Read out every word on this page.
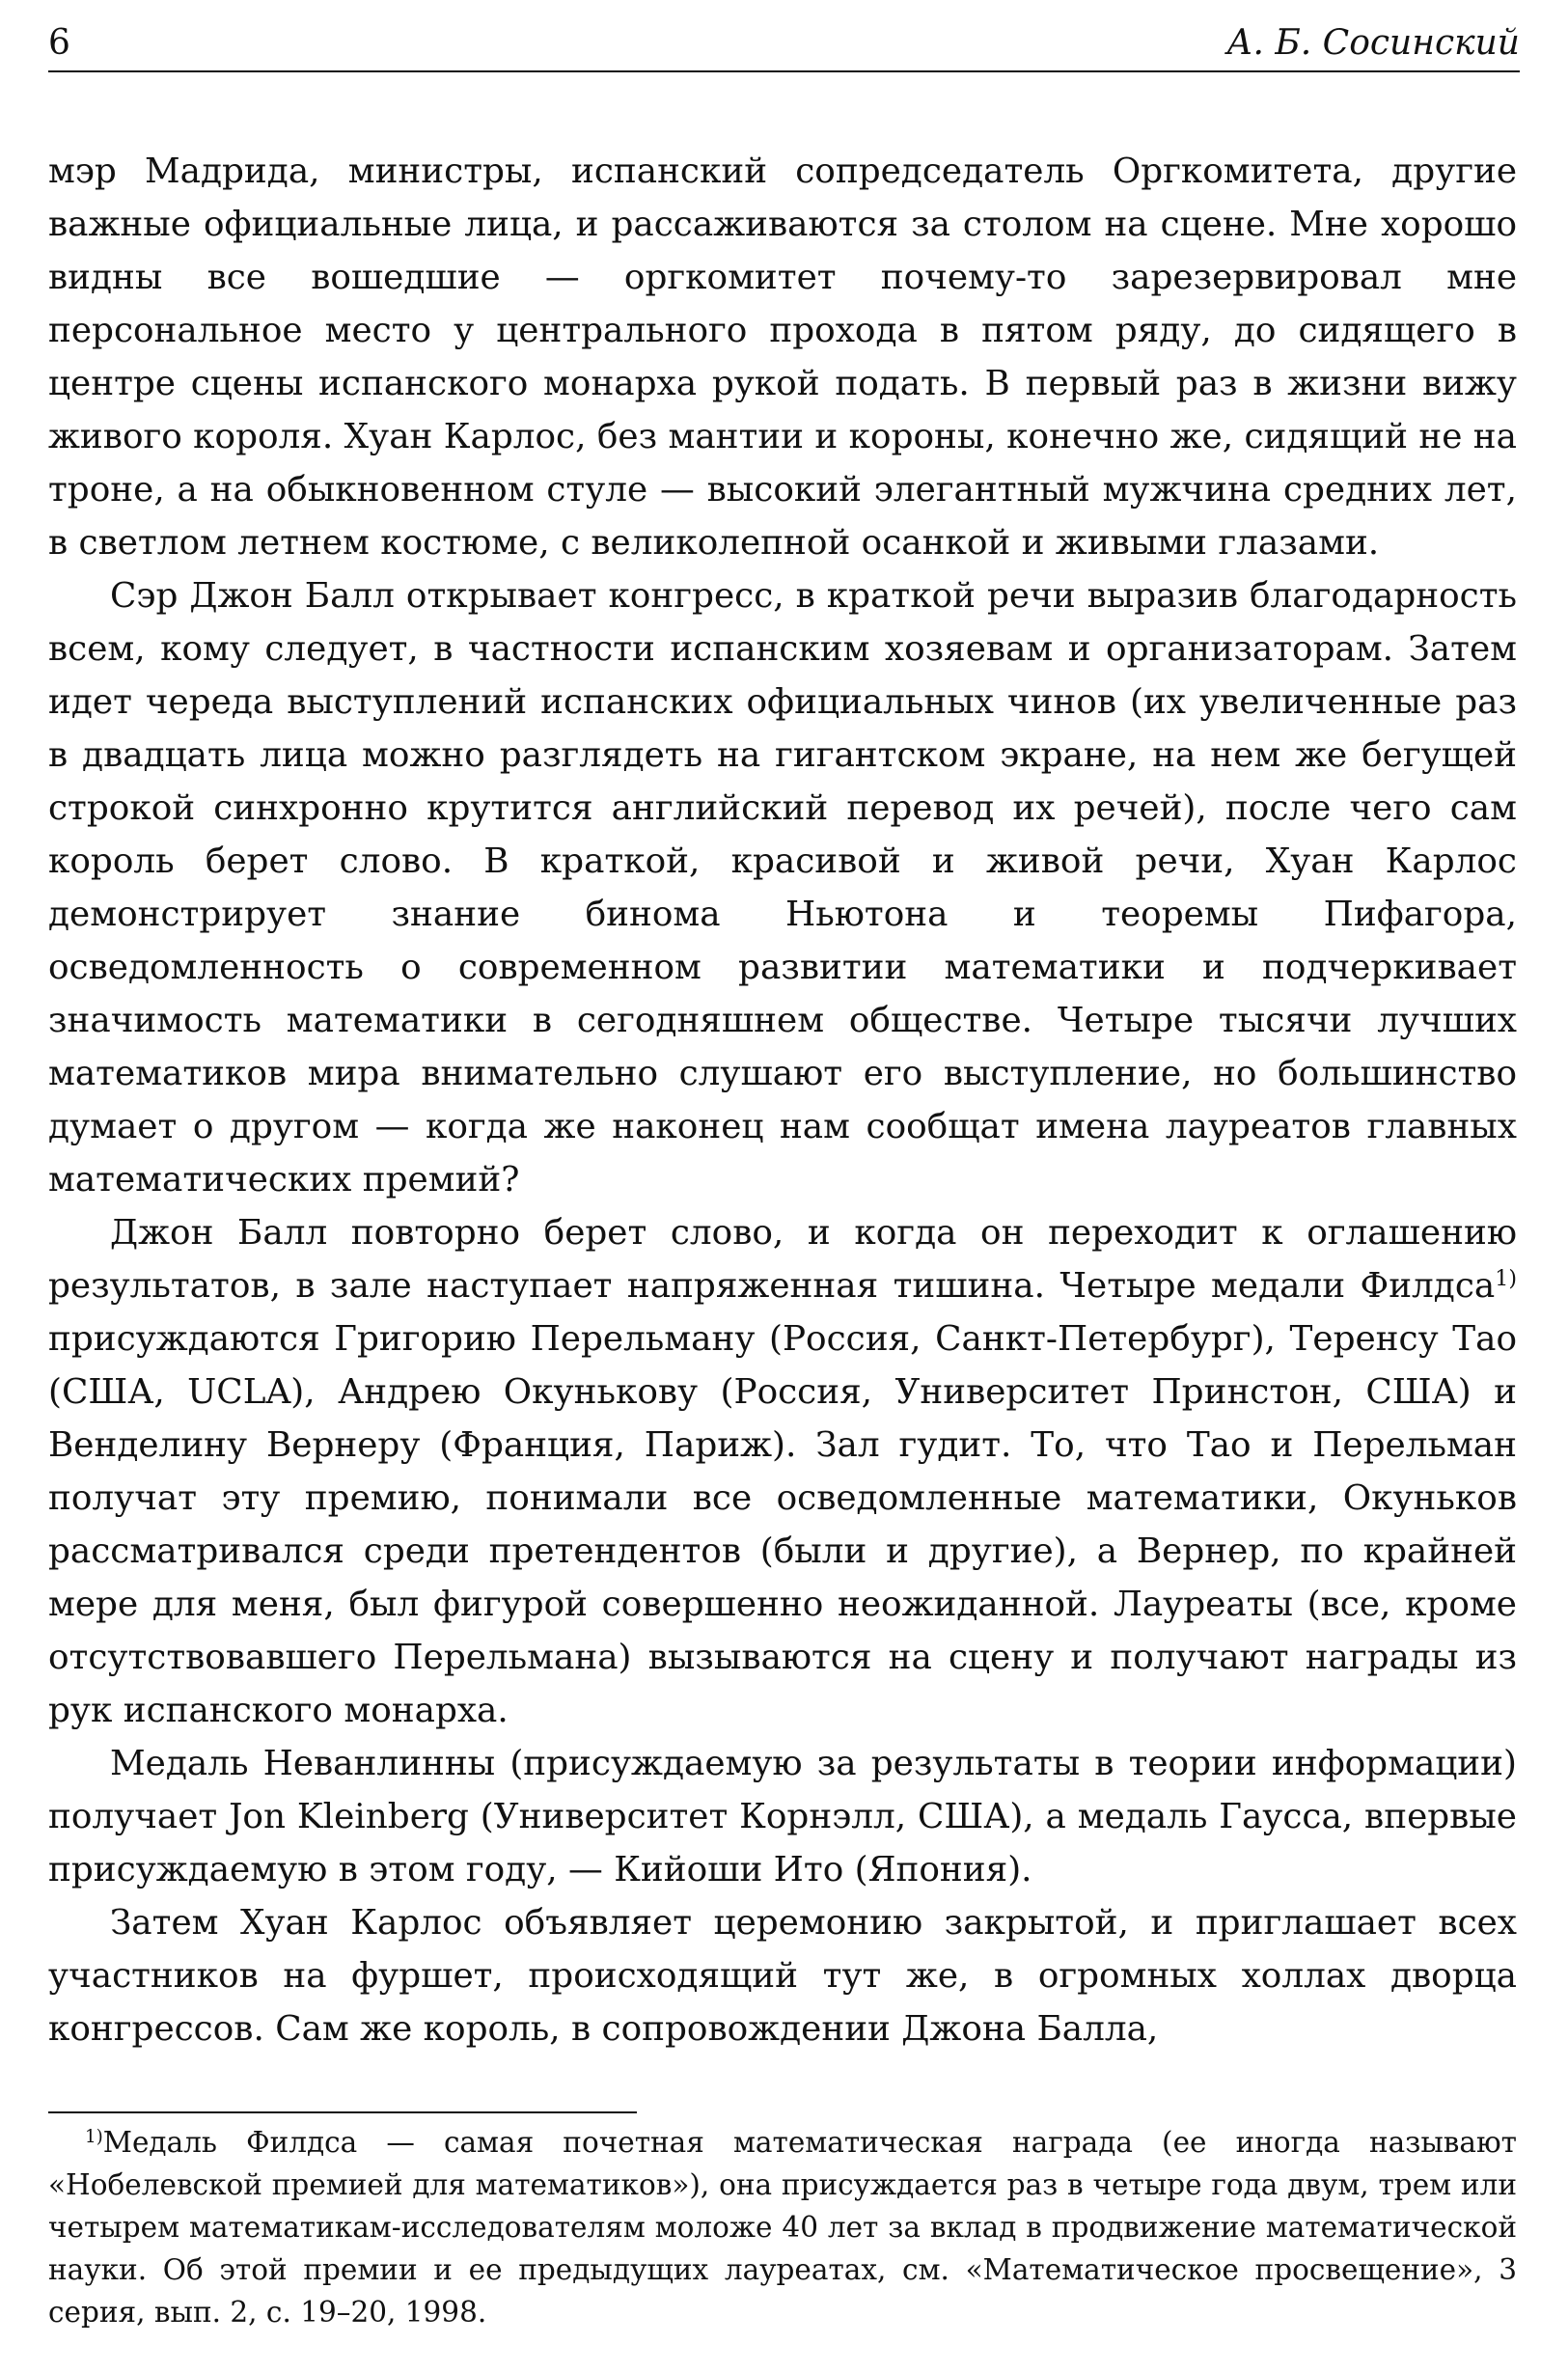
6	А. Б. Сосинский

мэр Мадрида, министры, испанский сопредседатель Оргкомитета, другие важные официальные лица, и рассаживаются за столом на сцене. Мне хорошо видны все вошедшие — оргкомитет почему-то зарезервировал мне персональное место у центрального прохода в пятом ряду, до сидящего в центре сцены испанского монарха рукой подать. В первый раз в жизни вижу живого короля. Хуан Карлос, без мантии и короны, конечно же, сидящий не на троне, а на обыкновенном стуле — высокий элегантный мужчина средних лет, в светлом летнем костюме, с великолепной осанкой и живыми глазами.

Сэр Джон Балл открывает конгресс, в краткой речи выразив благодарность всем, кому следует, в частности испанским хозяевам и организаторам. Затем идет череда выступлений испанских официальных чинов (их увеличенные раз в двадцать лица можно разглядеть на гигантском экране, на нем же бегущей строкой синхронно крутится английский перевод их речей), после чего сам король берет слово. В краткой, красивой и живой речи, Хуан Карлос демонстрирует знание бинома Ньютона и теоремы Пифагора, осведомленность о современном развитии математики и подчеркивает значимость математики в сегодняшнем обществе. Четыре тысячи лучших математиков мира внимательно слушают его выступление, но большинство думает о другом — когда же наконец нам сообщат имена лауреатов главных математических премий?

Джон Балл повторно берет слово, и когда он переходит к оглашению результатов, в зале наступает напряженная тишина. Четыре медали Филдса$^{1)}$ присуждаются Григорию Перельману (Россия, Санкт-Петербург), Теренсу Тао (США, UCLA), Андрею Окунькову (Россия, Университет Принстон, США) и Венделину Вернеру (Франция, Париж). Зал гудит. То, что Тао и Перельман получат эту премию, понимали все осведомленные математики, Окуньков рассматривался среди претендентов (были и другие), а Вернер, по крайней мере для меня, был фигурой совершенно неожиданной. Лауреаты (все, кроме отсутствовавшего Перельмана) вызываются на сцену и получают награды из рук испанского монарха.

Медаль Неванлинны (присуждаемую за результаты в теории информации) получает Jon Kleinberg (Университет Корнэлл, США), а медаль Гаусса, впервые присуждаемую в этом году, — Кийоши Ито (Япония).

Затем Хуан Карлос объявляет церемонию закрытой, и приглашает всех участников на фуршет, происходящий тут же, в огромных холлах дворца конгрессов. Сам же король, в сопровождении Джона Балла,

$^{1)}$Медаль Филдса — самая почетная математическая награда (ее иногда называют «Нобелевской премией для математиков»), она присуждается раз в четыре года двум, трем или четырем математикам-исследователям моложе 40 лет за вклад в продвижение математической науки. Об этой премии и ее предыдущих лауреатах, см. «Математическое просвещение», 3 серия, вып. 2, с. 19–20, 1998.
